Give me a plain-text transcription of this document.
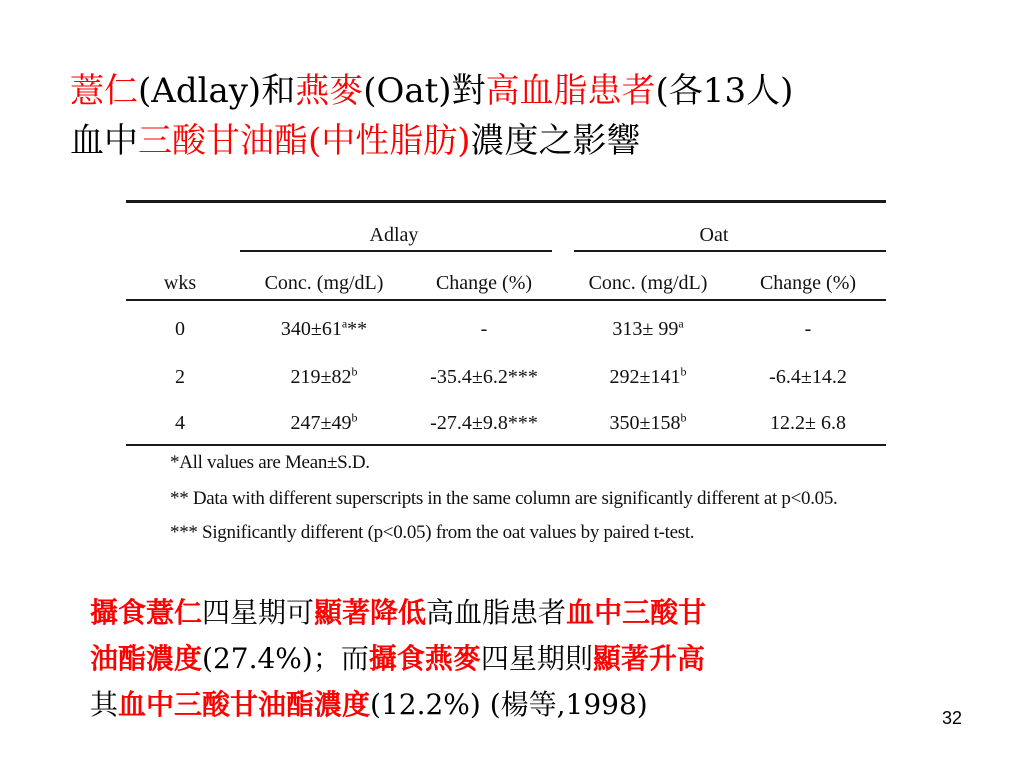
薏仁(Adlay)和燕麥(Oat)對高血脂患者(各13人)
血中三酸甘油酯(中性脂肪)濃度之影響
Adlay	Oat
wks	Conc. (mg/dL)	Change (%)	Conc. (mg/dL)	Change (%)
0	$340\pm 61^a**$	-	$313\pm 99^a$	-
2	$219\pm 82^b$	-35.4±6.2***	$292\pm 141^b$	-6.4±14.2
4	$247\pm 49^b$	-27.4±9.8***	$350\pm 158^b$	12.2± 6.8
*All values are Mean±S.D.
** Data with different superscripts in the same column are significantly different at p<0.05.
*** Significantly different (p<0.05) from the oat values by paired t-test.
攝食薏仁四星期可顯著降低高血脂患者血中三酸甘
油酯濃度(27.4%)；而攝食燕麥四星期則顯著升高
其血中三酸甘油酯濃度(12.2%) (楊等,1998)	32
